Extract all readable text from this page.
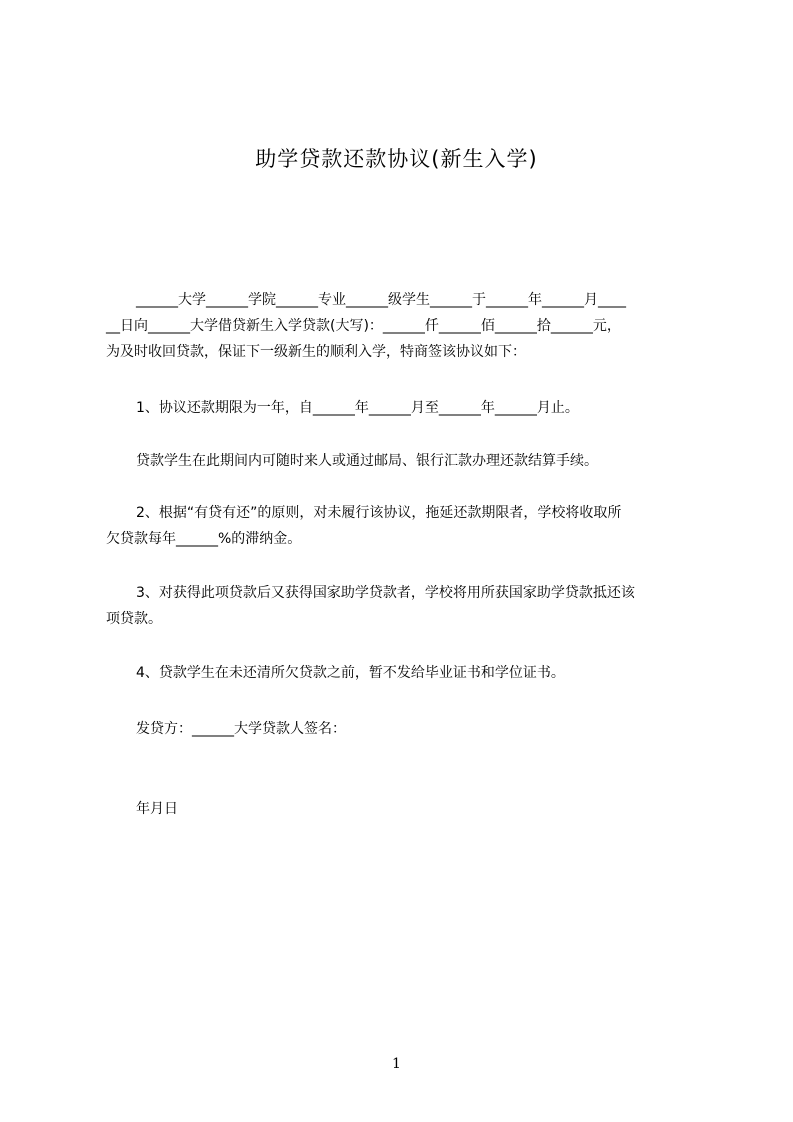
助学贷款还款协议(新生入学)
______大学______学院______专业______级学生______于______年______月____
__日向______大学借贷新生入学贷款(大写)：______仟______佰______拾______元，
为及时收回贷款，保证下一级新生的顺利入学，特商签该协议如下：
1、协议还款期限为一年，自______年______月至______年______月止。
贷款学生在此期间内可随时来人或通过邮局、银行汇款办理还款结算手续。
2、根据“有贷有还”的原则，对未履行该协议，拖延还款期限者，学校将收取所
欠贷款每年______%的滞纳金。
3、对获得此项贷款后又获得国家助学贷款者，学校将用所获国家助学贷款抵还该
项贷款。
4、贷款学生在未还清所欠贷款之前，暂不发给毕业证书和学位证书。
发贷方：______大学贷款人签名：
年月日
1
